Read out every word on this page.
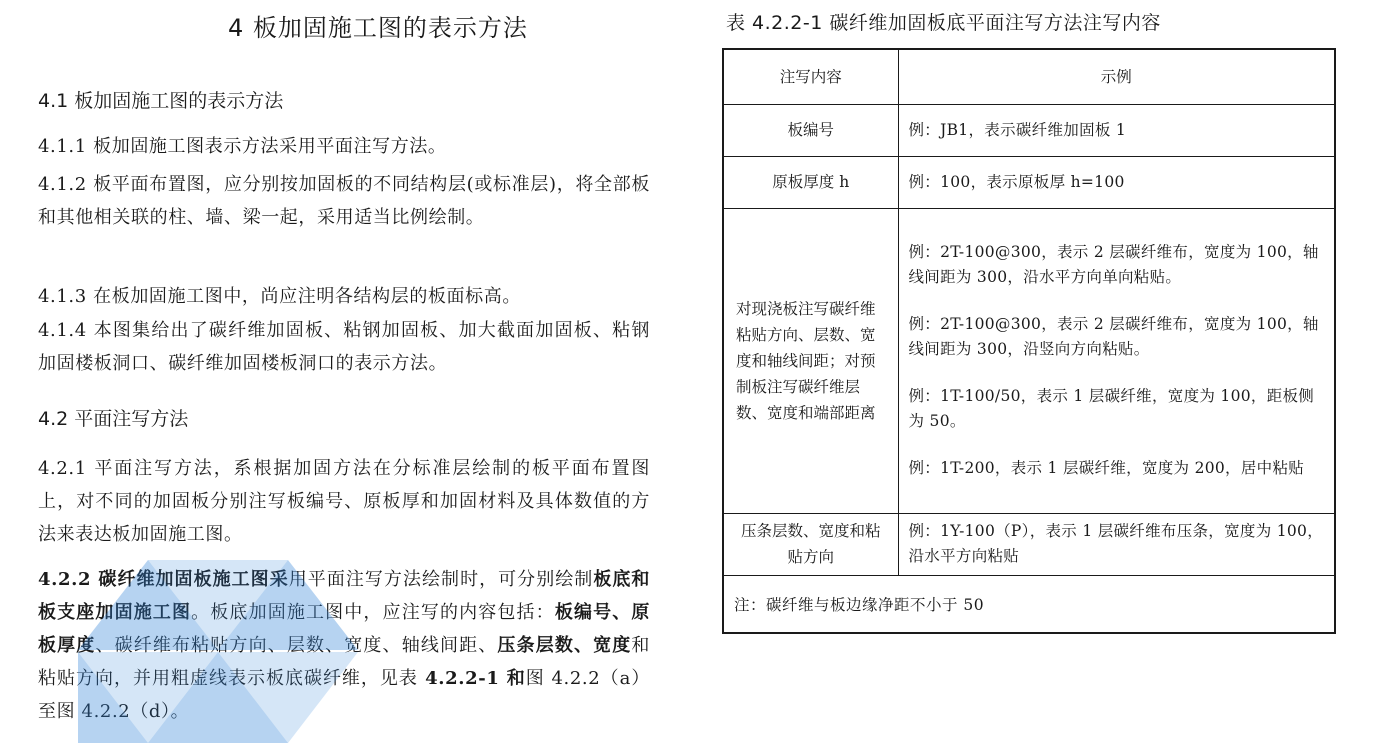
4 板加固施工图的表示方法
4.1 板加固施工图的表示方法
4.1.1 板加固施工图表示方法采用平面注写方法。
4.1.2 板平面布置图，应分别按加固板的不同结构层(或标准层)，将全部板和其他相关联的柱、墙、梁一起，采用适当比例绘制。
4.1.3 在板加固施工图中，尚应注明各结构层的板面标高。
4.1.4 本图集给出了碳纤维加固板、粘钢加固板、加大截面加固板、粘钢加固楼板洞口、碳纤维加固楼板洞口的表示方法。
4.2 平面注写方法
4.2.1 平面注写方法，系根据加固方法在分标准层绘制的板平面布置图上，对不同的加固板分别注写板编号、原板厚和加固材料及具体数值的方法来表达板加固施工图。
4.2.2 碳纤维加固板施工图采用平面注写方法绘制时，可分别绘制板底和板支座加固施工图。板底加固施工图中，应注写的内容包括：板编号、原板厚度、碳纤维布粘贴方向、层数、宽度、轴线间距、压条层数、宽度和粘贴方向，并用粗虚线表示板底碳纤维，见表 4.2.2-1 和图 4.2.2（a）至图 4.2.2（d）。
表 4.2.2-1 碳纤维加固板底平面注写方法注写内容
注写内容	示例
板编号	例：JB1，表示碳纤维加固板 1
原板厚度 h	例：100，表示原板厚 h=100
对现浇板注写碳纤维粘贴方向、层数、宽度和轴线间距；对预制板注写碳纤维层数、宽度和端部距离	例：2T-100@300，表示 2 层碳纤维布，宽度为 100，轴线间距为 300，沿水平方向单向粘贴。
例：2T-100@300，表示 2 层碳纤维布，宽度为 100，轴线间距为 300，沿竖向方向粘贴。
例：1T-100/50，表示 1 层碳纤维，宽度为 100，距板侧为 50。
例：1T-200，表示 1 层碳纤维，宽度为 200，居中粘贴

压条层数、宽度和粘贴方向	例：1Y-100（P），表示 1 层碳纤维布压条，宽度为 100，沿水平方向粘贴
注：碳纤维与板边缘净距不小于 50	
